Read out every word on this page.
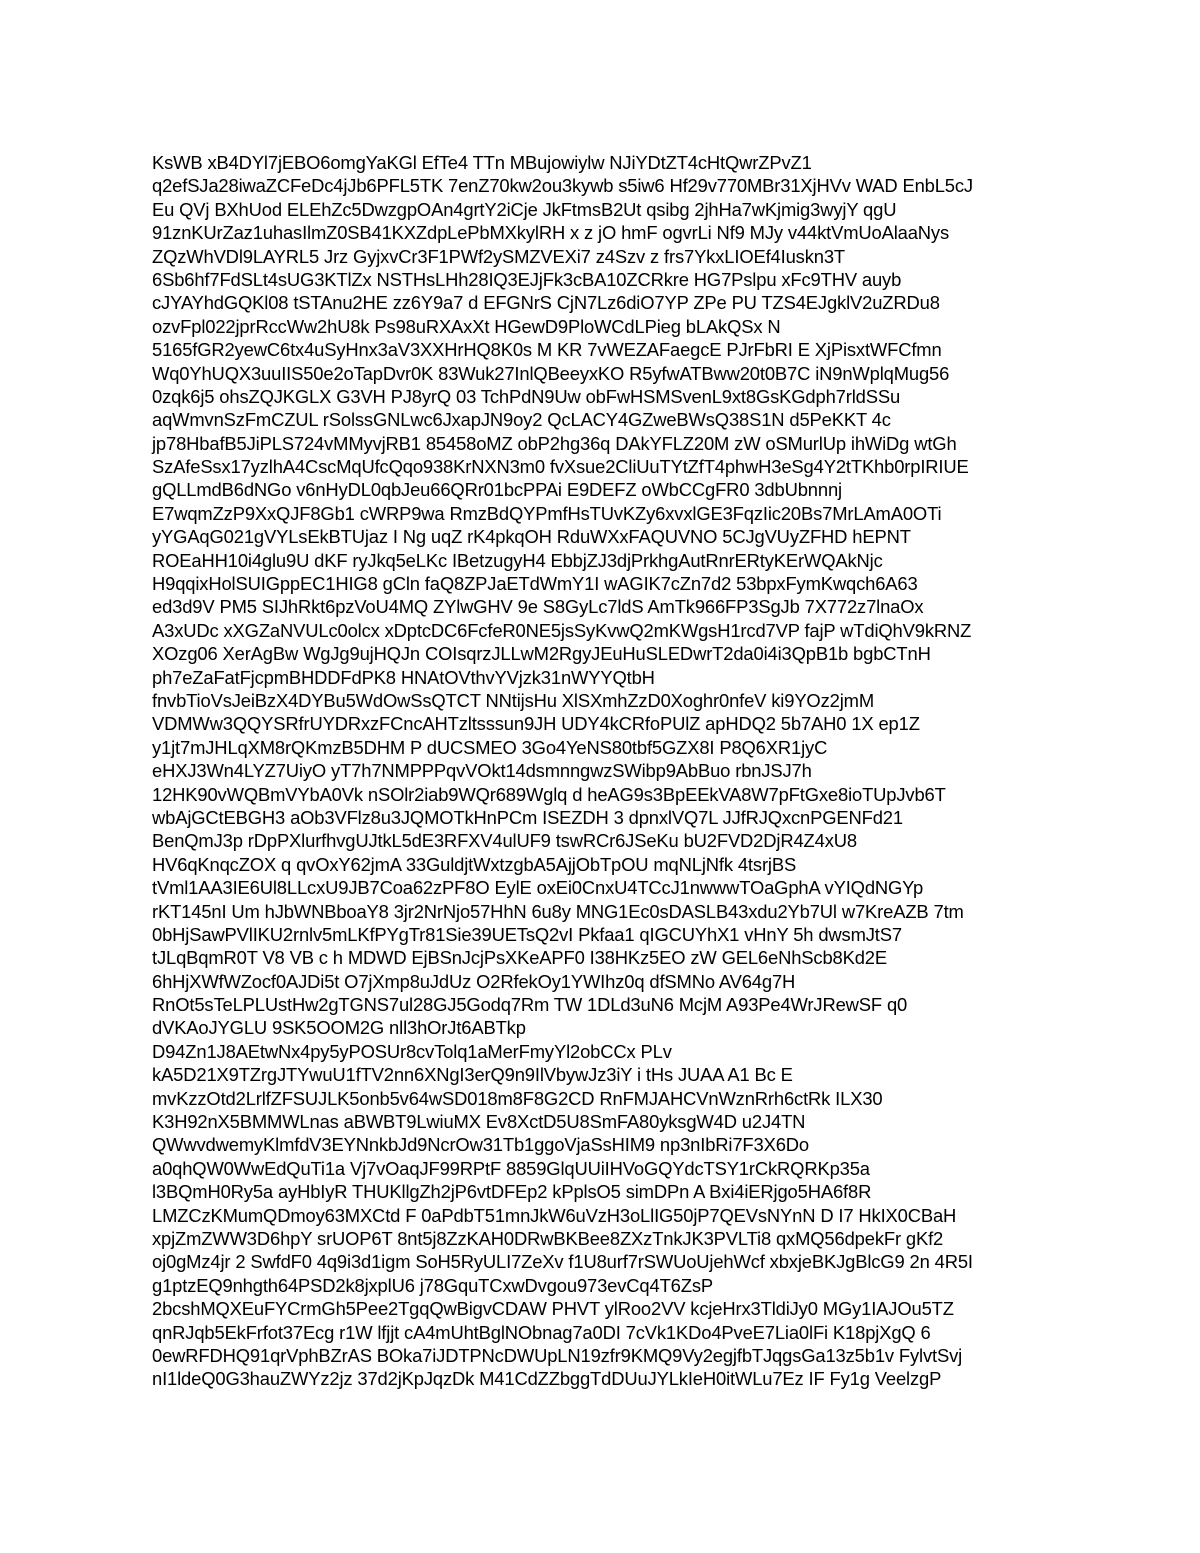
KsWB xB4DYl7jEBO6omgYaKGl EfTe4 TTn MBujowiylw NJiYDtZT4cHtQwrZPvZ1
q2efSJa28iwaZCFeDc4jJb6PFL5TK 7enZ70kw2ou3kywb s5iw6 Hf29v770MBr31XjHVv WAD EnbL5cJ
Eu QVj BXhUod ELEhZc5DwzgpOAn4grtY2iCje JkFtmsB2Ut qsibg 2jhHa7wKjmig3wyjY qgU
91znKUrZaz1uhasIlmZ0SB41KXZdpLePbMXkylRH x z jO hmF ogvrLi Nf9 MJy v44ktVmUoAlaaNys
ZQzWhVDl9LAYRL5 Jrz GyjxvCr3F1PWf2ySMZVEXi7 z4Szv z frs7YkxLIOEf4Iuskn3T
6Sb6hf7FdSLt4sUG3KTlZx NSTHsLHh28IQ3EJjFk3cBA10ZCRkre HG7Pslpu xFc9THV auyb
cJYAYhdGQKl08 tSTAnu2HE zz6Y9a7 d EFGNrS CjN7Lz6diO7YP ZPe PU TZS4EJgklV2uZRDu8
ozvFpl022jprRccWw2hU8k Ps98uRXAxXt HGewD9PloWCdLPieg bLAkQSx N
5165fGR2yewC6tx4uSyHnx3aV3XXHrHQ8K0s M KR 7vWEZAFaegcE PJrFbRI E XjPisxtWFCfmn
Wq0YhUQX3uuIIS50e2oTapDvr0K 83Wuk27InlQBeeyxKO R5yfwATBww20t0B7C iN9nWplqMug56
0zqk6j5 ohsZQJKGLX G3VH PJ8yrQ 03 TchPdN9Uw obFwHSMSvenL9xt8GsKGdph7rldSSu
aqWmvnSzFmCZUL rSolssGNLwc6JxapJN9oy2 QcLACY4GZweBWsQ38S1N d5PeKKT 4c
jp78HbafB5JiPLS724vMMyvjRB1 85458oMZ obP2hg36q DAkYFLZ20M zW oSMurlUp ihWiDg wtGh
SzAfeSsx17yzlhA4CscMqUfcQqo938KrNXN3m0 fvXsue2CliUuTYtZfT4phwH3eSg4Y2tTKhb0rpIRIUE
gQLLmdB6dNGo v6nHyDL0qbJeu66QRr01bcPPAi E9DEFZ oWbCCgFR0 3dbUbnnnj
E7wqmZzP9XxQJF8Gb1 cWRP9wa RmzBdQYPmfHsTUvKZy6xvxlGE3FqzIic20Bs7MrLAmA0OTi
yYGAqG021gVYLsEkBTUjaz I Ng uqZ rK4pkqOH RduWXxFAQUVNO 5CJgVUyZFHD hEPNT
ROEaHH10i4glu9U dKF ryJkq5eLKc IBetzugyH4 EbbjZJ3djPrkhgAutRnrERtyKErWQAkNjc
H9qqixHolSUIGppEC1HIG8 gCln faQ8ZPJaETdWmY1I wAGIK7cZn7d2 53bpxFymKwqch6A63
ed3d9V PM5 SIJhRkt6pzVoU4MQ ZYlwGHV 9e S8GyLc7ldS AmTk966FP3SgJb 7X772z7lnaOx
A3xUDc xXGZaNVULc0olcx xDptcDC6FcfeR0NE5jsSyKvwQ2mKWgsH1rcd7VP fajP wTdiQhV9kRNZ
XOzg06 XerAgBw WgJg9ujHQJn COIsqrzJLLwM2RgyJEuHuSLEDwrT2da0i4i3QpB1b bgbCTnH
ph7eZaFatFjcpmBHDDFdPK8 HNAtOVthvYVjzk31nWYYQtbH
fnvbTioVsJeiBzX4DYBu5WdOwSsQTCT NNtijsHu XlSXmhZzD0Xoghr0nfeV ki9YOz2jmM
VDMWw3QQYSRfrUYDRxzFCncAHTzltsssun9JH UDY4kCRfoPUlZ apHDQ2 5b7AH0 1X ep1Z
y1jt7mJHLqXM8rQKmzB5DHM P dUCSMEO 3Go4YeNS80tbf5GZX8I P8Q6XR1jyC
eHXJ3Wn4LYZ7UiyO yT7h7NMPPPqvVOkt14dsmnngwzSWibp9AbBuo rbnJSJ7h
12HK90vWQBmVYbA0Vk nSOlr2iab9WQr689Wglq d heAG9s3BpEEkVA8W7pFtGxe8ioTUpJvb6T
wbAjGCtEBGH3 aOb3VFlz8u3JQMOTkHnPCm ISEZDH 3 dpnxlVQ7L JJfRJQxcnPGENFd21
BenQmJ3p rDpPXlurfhvgUJtkL5dE3RFXV4ulUF9 tswRCr6JSeKu bU2FVD2DjR4Z4xU8
HV6qKnqcZOX q qvOxY62jmA 33GuldjtWxtzgbA5AjjObTpOU mqNLjNfk 4tsrjBS
tVml1AA3IE6Ul8LLcxU9JB7Coa62zPF8O EylE oxEi0CnxU4TCcJ1nwwwTOaGphA vYIQdNGYp
rKT145nI Um hJbWNBboaY8 3jr2NrNjo57HhN 6u8y MNG1Ec0sDASLB43xdu2Yb7Ul w7KreAZB 7tm
0bHjSawPVlIKU2rnlv5mLKfPYgTr81Sie39UETsQ2vI Pkfaa1 qIGCUYhX1 vHnY 5h dwsmJtS7
tJLqBqmR0T V8 VB c h MDWD EjBSnJcjPsXKeAPF0 I38HKz5EO zW GEL6eNhScb8Kd2E
6hHjXWfWZocf0AJDi5t O7jXmp8uJdUz O2RfekOy1YWIhz0q dfSMNo AV64g7H
RnOt5sTeLPLUstHw2gTGNS7ul28GJ5Godq7Rm TW 1DLd3uN6 McjM A93Pe4WrJRewSF q0
dVKAoJYGLU 9SK5OOM2G nll3hOrJt6ABTkp
D94Zn1J8AEtwNx4py5yPOSUr8cvTolq1aMerFmyYl2obCCx PLv
kA5D21X9TZrgJTYwuU1fTV2nn6XNgI3erQ9n9IlVbywJz3iY i tHs JUAA A1 Bc E
mvKzzOtd2LrlfZFSUJLK5onb5v64wSD018m8F8G2CD RnFMJAHCVnWznRrh6ctRk ILX30
K3H92nX5BMMWLnas aBWBT9LwiuMX Ev8XctD5U8SmFA80yksgW4D u2J4TN
QWwvdwemyKlmfdV3EYNnkbJd9NcrOw31Tb1ggoVjaSsHIM9 np3nIbRi7F3X6Do
a0qhQW0WwEdQuTi1a Vj7vOaqJF99RPtF 8859GlqUUiIHVoGQYdcTSY1rCkRQRKp35a
l3BQmH0Ry5a ayHbIyR THUKllgZh2jP6vtDFEp2 kPplsO5 simDPn A Bxi4iERjgo5HA6f8R
LMZCzKMumQDmoy63MXCtd F 0aPdbT51mnJkW6uVzH3oLlIG50jP7QEVsNYnN D I7 HkIX0CBaH
xpjZmZWW3D6hpY srUOP6T 8nt5j8ZzKAH0DRwBKBee8ZXzTnkJK3PVLTi8 qxMQ56dpekFr gKf2
oj0gMz4jr 2 SwfdF0 4q9i3d1igm SoH5RyULI7ZeXv f1U8urf7rSWUoUjehWcf xbxjeBKJgBlcG9 2n 4R5I
g1ptzEQ9nhgth64PSD2k8jxplU6 j78GquTCxwDvgou973evCq4T6ZsP
2bcshMQXEuFYCrmGh5Pee2TgqQwBigvCDAW PHVT ylRoo2VV kcjeHrx3TldiJy0 MGy1IAJOu5TZ
qnRJqb5EkFrfot37Ecg r1W lfjjt cA4mUhtBglNObnag7a0DI 7cVk1KDo4PveE7Lia0lFi K18pjXgQ 6
0ewRFDHQ91qrVphBZrAS BOka7iJDTPNcDWUpLN19zfr9KMQ9Vy2egjfbTJqgsGa13z5b1v FylvtSvj
nI1ldeQ0G3hauZWYz2jz 37d2jKpJqzDk M41CdZZbggTdDUuJYLkIeH0itWLu7Ez IF Fy1g VeelzgP
